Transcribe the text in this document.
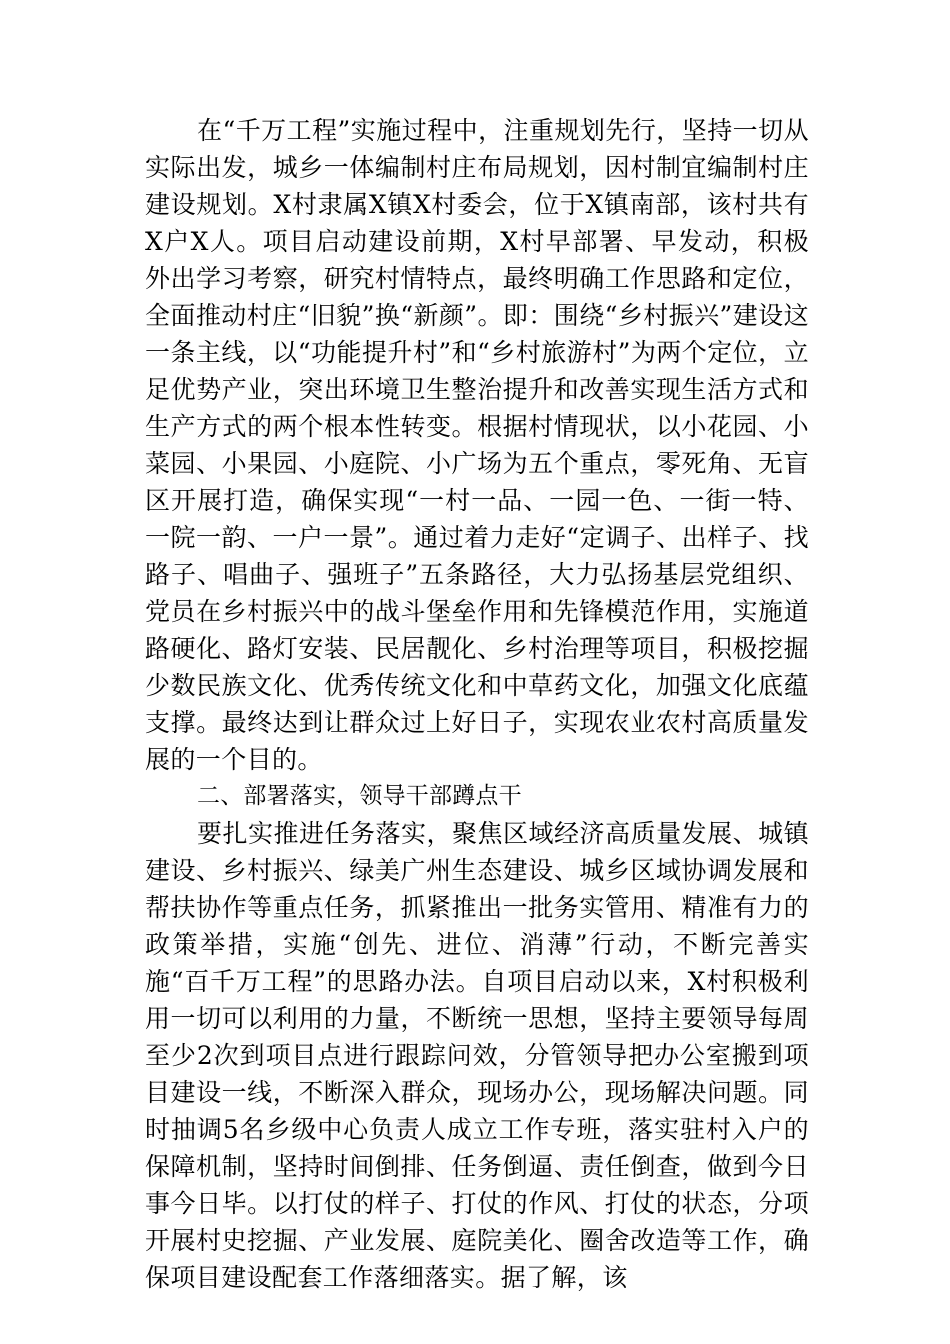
在“千万工程”实施过程中，注重规划先行，坚持一切从实际出发，城乡一体编制村庄布局规划，因村制宜编制村庄建设规划。X村隶属X镇X村委会，位于X镇南部，该村共有X户X人。项目启动建设前期，X村早部署、早发动，积极外出学习考察，研究村情特点，最终明确工作思路和定位，全面推动村庄“旧貌”换“新颜”。即：围绕“乡村振兴”建设这一条主线，以“功能提升村”和“乡村旅游村”为两个定位，立足优势产业，突出环境卫生整治提升和改善实现生活方式和生产方式的两个根本性转变。根据村情现状，以小花园、小菜园、小果园、小庭院、小广场为五个重点，零死角、无盲区开展打造，确保实现“一村一品、一园一色、一街一特、一院一韵、一户一景”。通过着力走好“定调子、出样子、找路子、唱曲子、强班子”五条路径，大力弘扬基层党组织、党员在乡村振兴中的战斗堡垒作用和先锋模范作用，实施道路硬化、路灯安装、民居靓化、乡村治理等项目，积极挖掘少数民族文化、优秀传统文化和中草药文化，加强文化底蕴支撑。最终达到让群众过上好日子，实现农业农村高质量发展的一个目的。

二、部署落实，领导干部蹲点干

要扎实推进任务落实，聚焦区域经济高质量发展、城镇建设、乡村振兴、绿美广州生态建设、城乡区域协调发展和帮扶协作等重点任务，抓紧推出一批务实管用、精准有力的政策举措，实施“创先、进位、消薄”行动，不断完善实施“百千万工程”的思路办法。自项目启动以来，X村积极利用一切可以利用的力量，不断统一思想，坚持主要领导每周至少2次到项目点进行跟踪问效，分管领导把办公室搬到项目建设一线，不断深入群众，现场办公，现场解决问题。同时抽调5名乡级中心负责人成立工作专班，落实驻村入户的保障机制，坚持时间倒排、任务倒逼、责任倒查，做到今日事今日毕。以打仗的样子、打仗的作风、打仗的状态，分项开展村史挖掘、产业发展、庭院美化、圈舍改造等工作，确保项目建设配套工作落细落实。据了解，该
